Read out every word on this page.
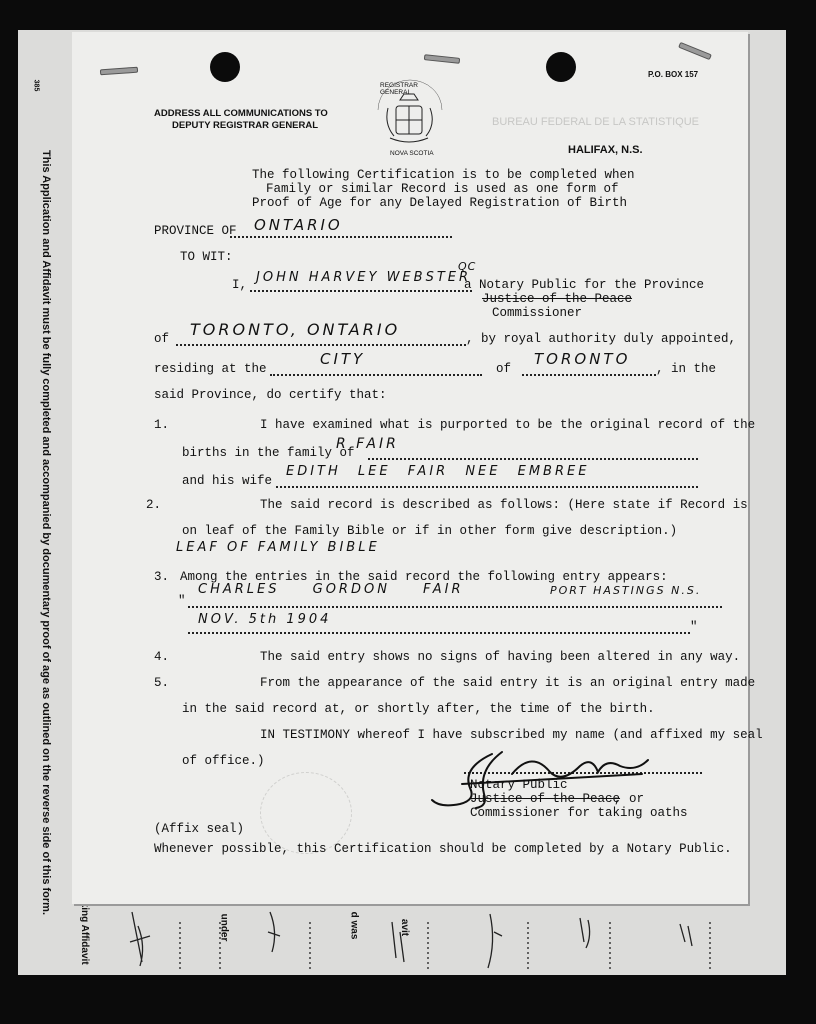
385
This Application and Affidavit must be fully completed and accompanied by documentary proof of age as outlined on the reverse side of this form.
under	d was	avit
BUREAU FEDERAL DE LA STATISTIQUE
P.O. BOX 157
ADDRESS ALL COMMUNICATIONS TO
DEPUTY REGISTRAR GENERAL
REGISTRAR GENERAL
NOVA SCOTIA	HALIFAX, N.S.
The following Certification is to be completed when
Family or similar Record is used as one form of
Proof of Age for any Delayed Registration of Birth
PROVINCE OF ONTARIO
TO WIT:
I, JOHN HARVEY WEBSTER
QC
a Notary Public for the Province
Justice of the Peace
Commissioner
of TORONTO, ONTARIO	, by royal authority duly appointed,
residing at the
CITY
of
TORONTO
, in the
said Province, do certify that:
1.	I have examined what is purported to be the original record of the
births in the family of
R FAIR
and his wife
EDITH LEE FAIR NEE EMBREE
2.	The said record is described as follows: (Here state if Record is
on leaf of the Family Bible or if in other form give description.)
LEAF OF FAMILY BIBLE
3. Among the entries in the said record the following entry appears:
"
CHARLES GORDON FAIR	PORT HASTINGS N.S.
NOV. 5th 1904	"
4.	The said entry shows no signs of having been altered in any way.
5.	From the appearance of the said entry it is an original entry made
in the said record at, or shortly after, the time of the birth.
IN TESTIMONY whereof I have subscribed my name (and affixed my seal
of office.)
Notary Public
Justice of the Peace
, or
Commissioner for taking oaths
(Affix seal)
Whenever possible, this Certification should be completed by a Notary Public.
